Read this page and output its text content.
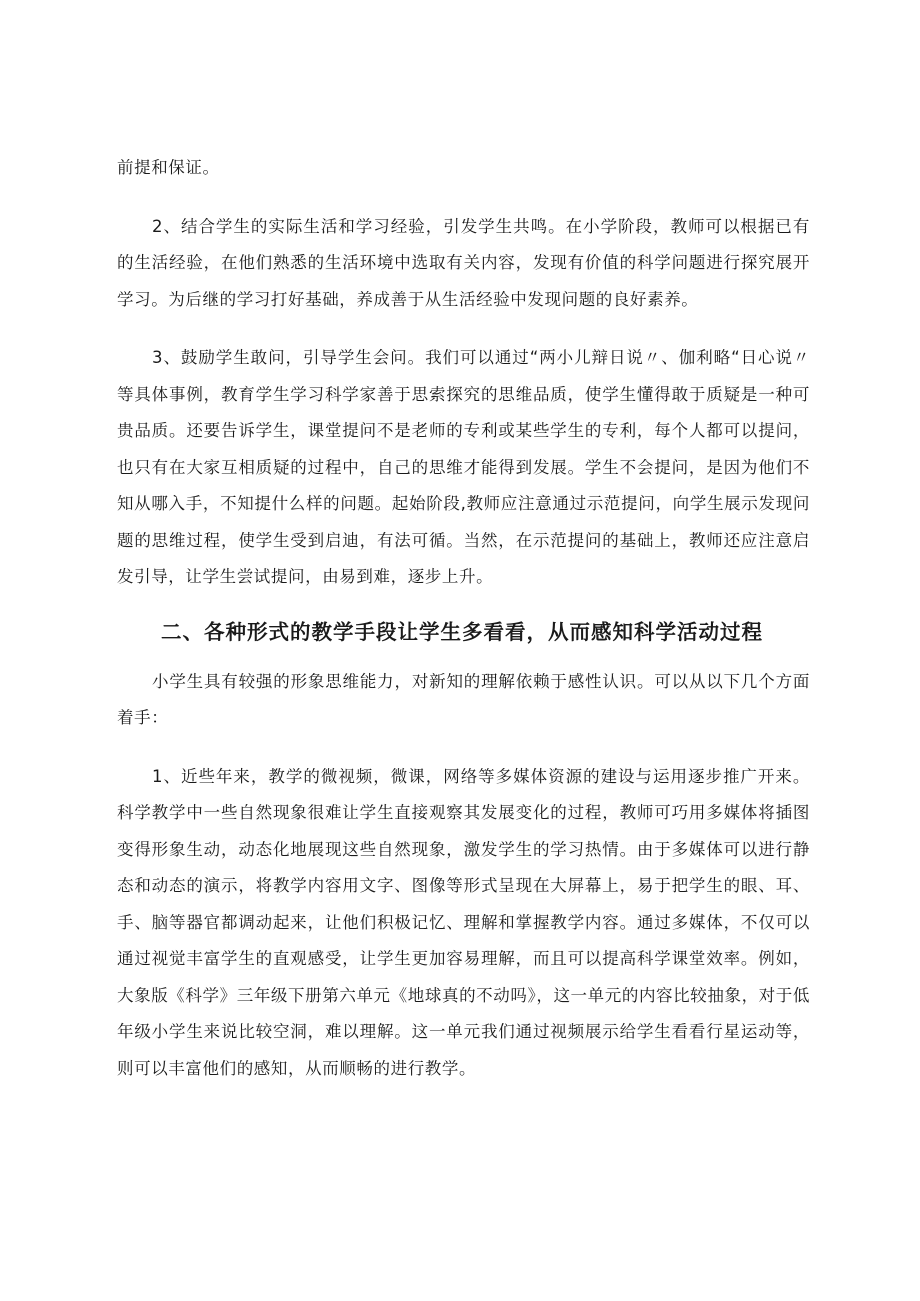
前提和保证。

2、结合学生的实际生活和学习经验，引发学生共鸣。在小学阶段，教师可以根据已有的生活经验，在他们熟悉的生活环境中选取有关内容，发现有价值的科学问题进行探究展开学习。为后继的学习打好基础，养成善于从生活经验中发现问题的良好素养。

3、鼓励学生敢问，引导学生会问。我们可以通过“两小儿辩日说〃、伽利略“日心说〃等具体事例，教育学生学习科学家善于思索探究的思维品质，使学生懂得敢于质疑是一种可贵品质。还要告诉学生，课堂提问不是老师的专利或某些学生的专利，每个人都可以提问，也只有在大家互相质疑的过程中，自己的思维才能得到发展。学生不会提问，是因为他们不知从哪入手，不知提什么样的问题。起始阶段,教师应注意通过示范提问，向学生展示发现问题的思维过程，使学生受到启迪，有法可循。当然，在示范提问的基础上，教师还应注意启发引导，让学生尝试提问，由易到难，逐步上升。

二、各种形式的教学手段让学生多看看，从而感知科学活动过程

小学生具有较强的形象思维能力，对新知的理解依赖于感性认识。可以从以下几个方面着手：

1、近些年来，教学的微视频，微课，网络等多媒体资源的建设与运用逐步推广开来。科学教学中一些自然现象很难让学生直接观察其发展变化的过程，教师可巧用多媒体将插图变得形象生动，动态化地展现这些自然现象，激发学生的学习热情。由于多媒体可以进行静态和动态的演示，将教学内容用文字、图像等形式呈现在大屏幕上，易于把学生的眼、耳、手、脑等器官都调动起来，让他们积极记忆、理解和掌握教学内容。通过多媒体，不仅可以通过视觉丰富学生的直观感受，让学生更加容易理解，而且可以提高科学课堂效率。例如，大象版《科学》三年级下册第六单元《地球真的不动吗》，这一单元的内容比较抽象，对于低年级小学生来说比较空洞，难以理解。这一单元我们通过视频展示给学生看看行星运动等，则可以丰富他们的感知，从而顺畅的进行教学。
